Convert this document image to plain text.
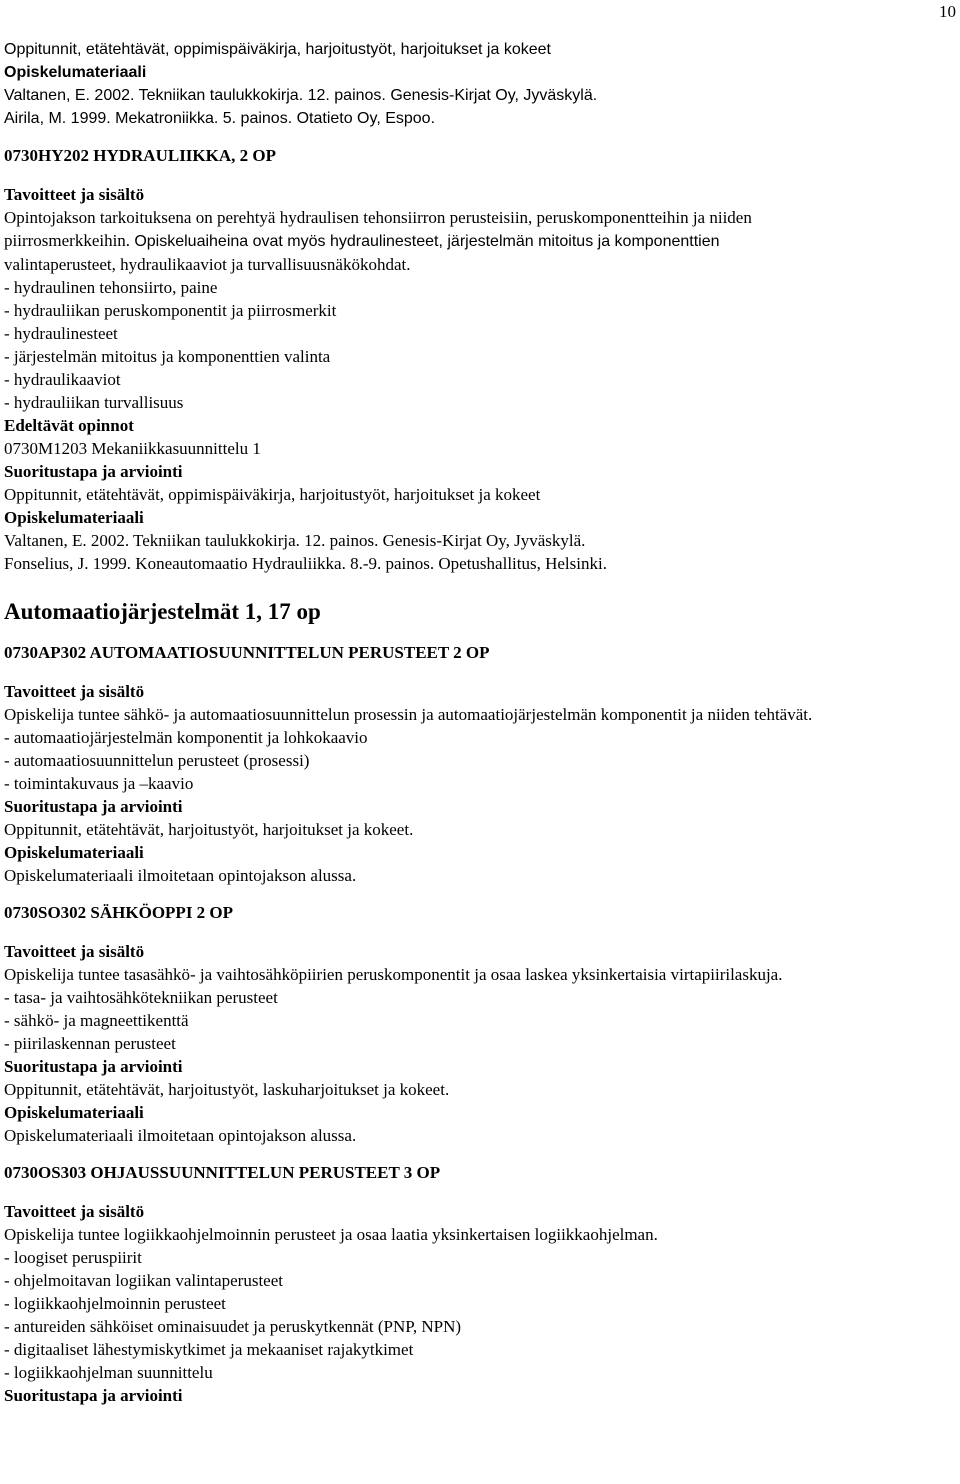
10
Oppitunnit, etätehtävät, oppimispäiväkirja, harjoitustyöt, harjoitukset ja kokeet
Opiskelumateriaali
Valtanen, E. 2002. Tekniikan taulukkokirja. 12. painos. Genesis-Kirjat Oy, Jyväskylä.
Airila, M. 1999. Mekatroniikka. 5. painos. Otatieto Oy, Espoo.
0730HY202 HYDRAULIIKKA, 2 OP
Tavoitteet ja sisältö
Opintojakson tarkoituksena on perehtyä hydraulisen tehonsiirron perusteisiin, peruskomponentteihin ja niiden
piirrosmerkkeihin. Opiskeluaiheina ovat myös hydraulinesteet, järjestelmän mitoitus ja komponenttien
valintaperusteet, hydraulikaaviot ja turvallisuusnäkökohdat.
- hydraulinen tehonsiirto, paine
- hydrauliikan peruskomponentit ja piirrosmerkit
- hydraulinesteet
- järjestelmän mitoitus ja komponenttien valinta
- hydraulikaaviot
- hydrauliikan turvallisuus
Edeltävät opinnot
0730M1203 Mekaniikkasuunnittelu 1
Suoritustapa ja arviointi
Oppitunnit, etätehtävät, oppimispäiväkirja, harjoitustyöt, harjoitukset ja kokeet
Opiskelumateriaali
Valtanen, E. 2002. Tekniikan taulukkokirja. 12. painos. Genesis-Kirjat Oy, Jyväskylä.
Fonselius, J. 1999. Koneautomaatio Hydrauliikka. 8.-9. painos. Opetushallitus, Helsinki.
Automaatiojärjestelmät 1, 17 op
0730AP302 AUTOMAATIOSUUNNITTELUN PERUSTEET 2 OP
Tavoitteet ja sisältö
Opiskelija tuntee sähkö- ja automaatiosuunnittelun prosessin ja automaatiojärjestelmän komponentit ja niiden tehtävät.
- automaatiojärjestelmän komponentit ja lohkokaavio
- automaatiosuunnittelun perusteet (prosessi)
- toimintakuvaus ja –kaavio
Suoritustapa ja arviointi
Oppitunnit, etätehtävät, harjoitustyöt, harjoitukset ja kokeet.
Opiskelumateriaali
Opiskelumateriaali ilmoitetaan opintojakson alussa.
0730SO302 SÄHKÖOPPI 2 OP
Tavoitteet ja sisältö
Opiskelija tuntee tasasähkö- ja vaihtosähköpiirien peruskomponentit ja osaa laskea yksinkertaisia virtapiirilaskuja.
- tasa- ja vaihtosähkötekniikan perusteet
- sähkö- ja magneettikenttä
- piirilaskennan perusteet
Suoritustapa ja arviointi
Oppitunnit, etätehtävät, harjoitustyöt, laskuharjoitukset ja kokeet.
Opiskelumateriaali
Opiskelumateriaali ilmoitetaan opintojakson alussa.
0730OS303 OHJAUSSUUNNITTELUN PERUSTEET 3 OP
Tavoitteet ja sisältö
Opiskelija tuntee logiikkaohjelmoinnin perusteet ja osaa laatia yksinkertaisen logiikkaohjelman.
- loogiset peruspiirit
- ohjelmoitavan logiikan valintaperusteet
- logiikkaohjelmoinnin perusteet
- antureiden sähköiset ominaisuudet ja peruskytkennät (PNP, NPN)
- digitaaliset lähestymiskytkimet ja mekaaniset rajakytkimet
- logiikkaohjelman suunnittelu
Suoritustapa ja arviointi
